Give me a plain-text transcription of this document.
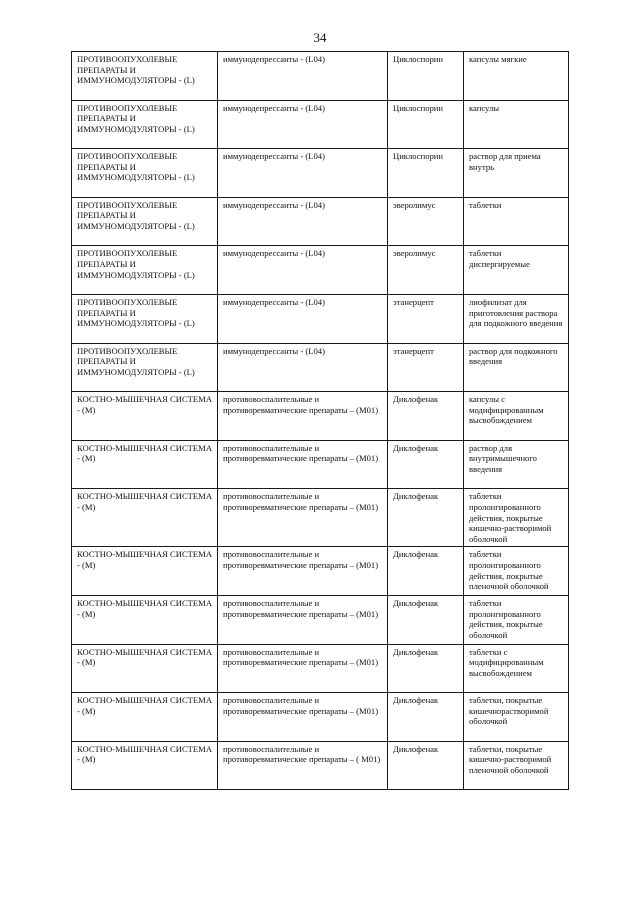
34
ПРОТИВООПУХОЛЕВЫЕ ПРЕПАРАТЫ И ИММУНОМОДУЛЯТОРЫ - (L)	иммунодепрессанты - (L04)	Циклоспорин	капсулы мягкие

ПРОТИВООПУХОЛЕВЫЕ ПРЕПАРАТЫ И ИММУНОМОДУЛЯТОРЫ - (L)	иммунодепрессанты - (L04)	Циклоспорин	капсулы

ПРОТИВООПУХОЛЕВЫЕ ПРЕПАРАТЫ И ИММУНОМОДУЛЯТОРЫ - (L)	иммунодепрессанты - (L04)	Циклоспорин	раствор для приема внутрь

ПРОТИВООПУХОЛЕВЫЕ ПРЕПАРАТЫ И ИММУНОМОДУЛЯТОРЫ - (L)	иммунодепрессанты - (L04)	эверолимус	таблетки

ПРОТИВООПУХОЛЕВЫЕ ПРЕПАРАТЫ И ИММУНОМОДУЛЯТОРЫ - (L)	иммунодепрессанты - (L04)	эверолимус	таблетки диспергируемые

ПРОТИВООПУХОЛЕВЫЕ ПРЕПАРАТЫ И ИММУНОМОДУЛЯТОРЫ - (L)	иммунодепрессанты - (L04)	этанерцепт	лиофилизат для приготовления раствора для подкожного введения

ПРОТИВООПУХОЛЕВЫЕ ПРЕПАРАТЫ И ИММУНОМОДУЛЯТОРЫ - (L)	иммунодепрессанты - (L04)	этанерцепт	раствор для подкожного введения

КОСТНО-МЫШЕЧНАЯ СИСТЕМА - (М)	противовоспалительные и противоревматические препараты – (М01)	Диклофенак	капсулы с модифицированным высвобождением

КОСТНО-МЫШЕЧНАЯ СИСТЕМА - (М)	противовоспалительные и противоревматические препараты – (М01)	Диклофенак	раствор для внутримышечного введения

КОСТНО-МЫШЕЧНАЯ СИСТЕМА - (М)	противовоспалительные и противоревматические препараты – (М01)	Диклофенак	таблетки пролонгированного действия, покрытые кишечно-растворимой оболочкой

КОСТНО-МЫШЕЧНАЯ СИСТЕМА - (М)	противовоспалительные и противоревматические препараты – (М01)	Диклофенак	таблетки пролонгированного действия, покрытые пленочной оболочкой

КОСТНО-МЫШЕЧНАЯ СИСТЕМА - (М)	противовоспалительные и противоревматические препараты – (М01)	Диклофенак	таблетки пролонгированного действия, покрытые оболочкой

КОСТНО-МЫШЕЧНАЯ СИСТЕМА - (М)	противовоспалительные и противоревматические препараты – (М01)	Диклофенак	таблетки с модифицированным высвобождением

КОСТНО-МЫШЕЧНАЯ СИСТЕМА - (М)	противовоспалительные и противоревматические препараты – (М01)	Диклофенак	таблетки, покрытые кишечнорастворимой оболочкой

КОСТНО-МЫШЕЧНАЯ СИСТЕМА - (М)	противовоспалительные и противоревматические препараты – ( М01)	Диклофенак	таблетки, покрытые кишечно-растворимой пленочной оболочкой
